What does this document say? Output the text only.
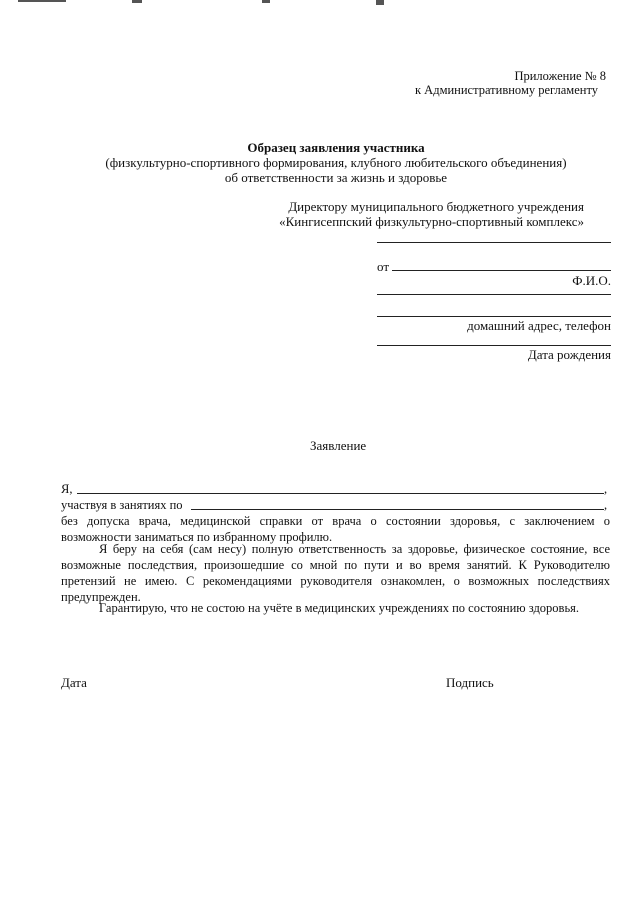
Приложение № 8
к Административному регламенту
Образец заявления участника
(физкультурно-спортивного формирования, клубного любительского объединения)
об ответственности за жизнь и здоровье
Директору муниципального бюджетного учреждения
«Кингисеппский физкультурно-спортивный комплекс»
от
Ф.И.О.
домашний адрес, телефон
Дата рождения
Заявление
Я,	,
участвуя в занятиях по	,
без допуска врача, медицинской справки от врача о состоянии здоровья, с заключением о возможности заниматься по избранному профилю.
Я беру на себя (сам несу) полную ответственность за здоровье, физическое состояние, все возможные последствия, произошедшие со мной по пути и во время занятий. К Руководителю претензий не имею. С рекомендациями руководителя ознакомлен, о возможных последствиях предупрежден.
Гарантирую, что не состою на учёте в медицинских учреждениях по состоянию здоровья.
Дата	Подпись
